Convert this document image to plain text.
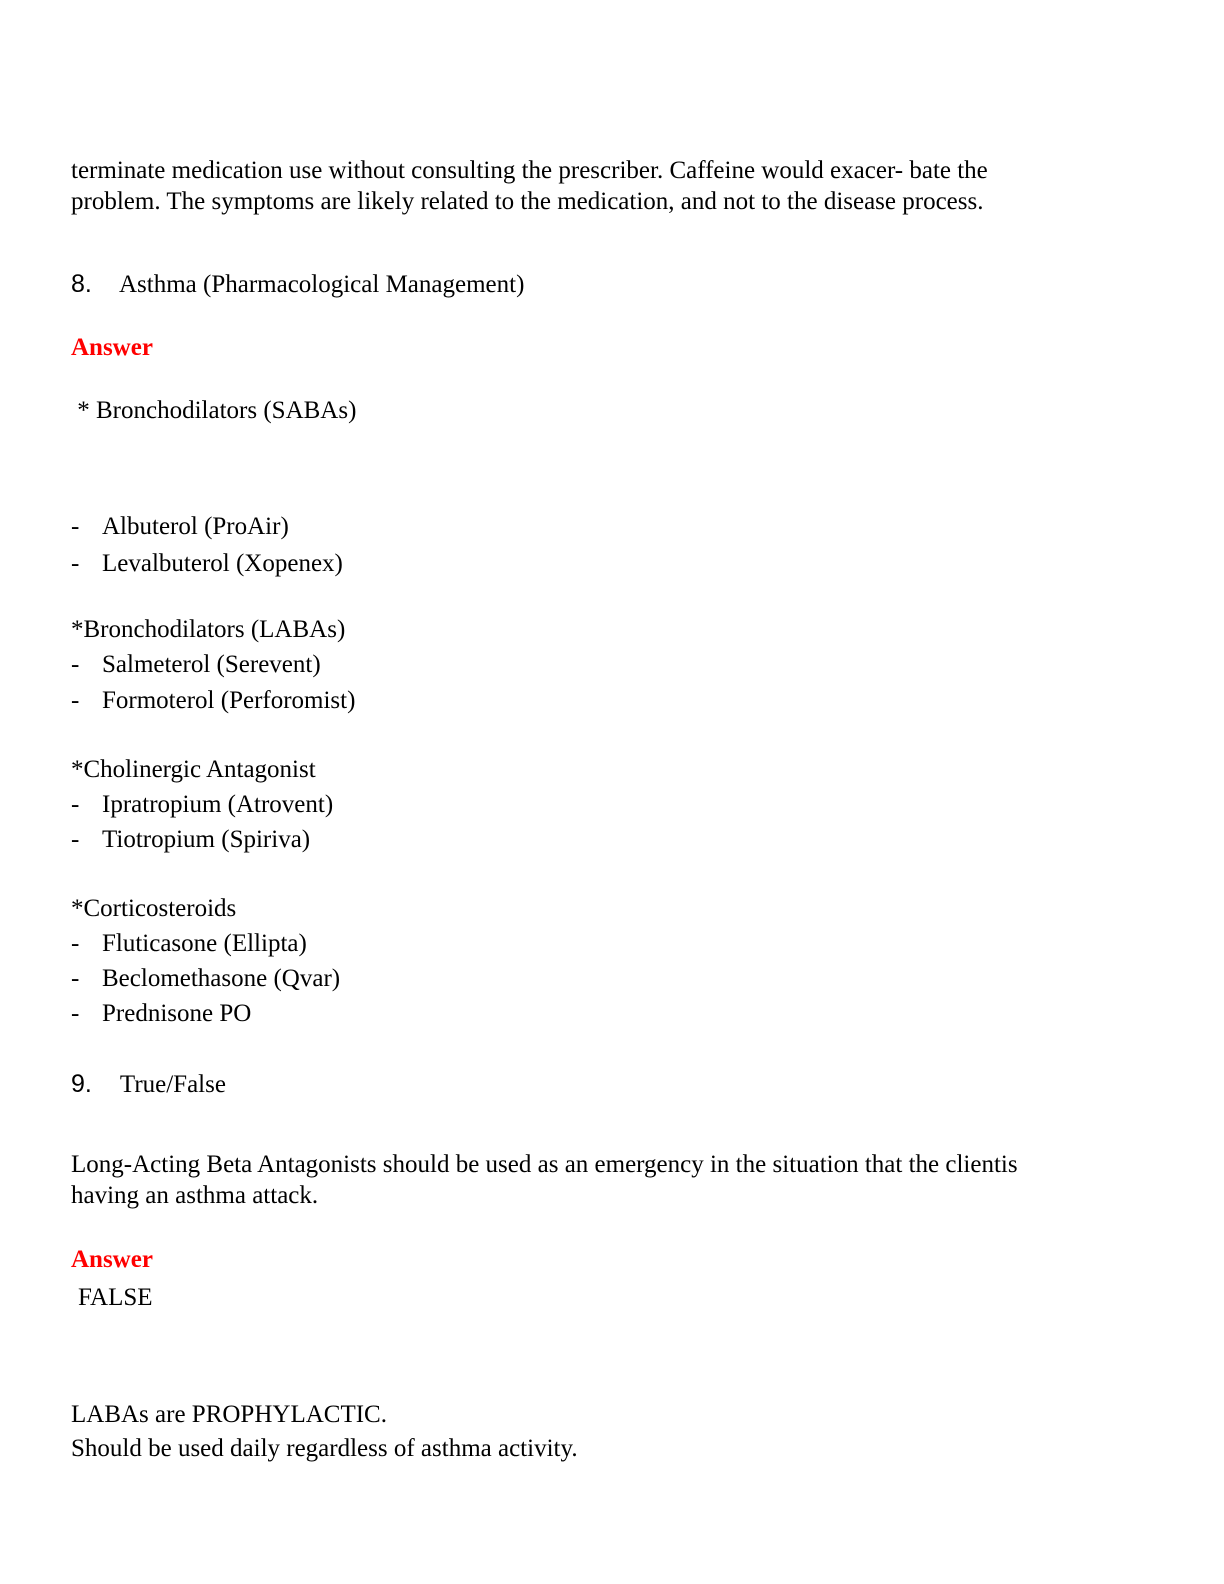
terminate medication use without consulting the prescriber. Caffeine would exacer- bate the
problem. The symptoms are likely related to the medication, and not to the disease process.
8. Asthma (Pharmacological Management)
Answer
* Bronchodilators (SABAs)
- Albuterol (ProAir)
- Levalbuterol (Xopenex)
*Bronchodilators (LABAs)
- Salmeterol (Serevent)
- Formoterol (Perforomist)
*Cholinergic Antagonist
- Ipratropium (Atrovent)
- Tiotropium (Spiriva)
*Corticosteroids
- Fluticasone (Ellipta)
- Beclomethasone (Qvar)
- Prednisone PO
9. True/False
Long-Acting Beta Antagonists should be used as an emergency in the situation that the clientis
having an asthma attack.
Answer
FALSE
LABAs are PROPHYLACTIC.
Should be used daily regardless of asthma activity.
